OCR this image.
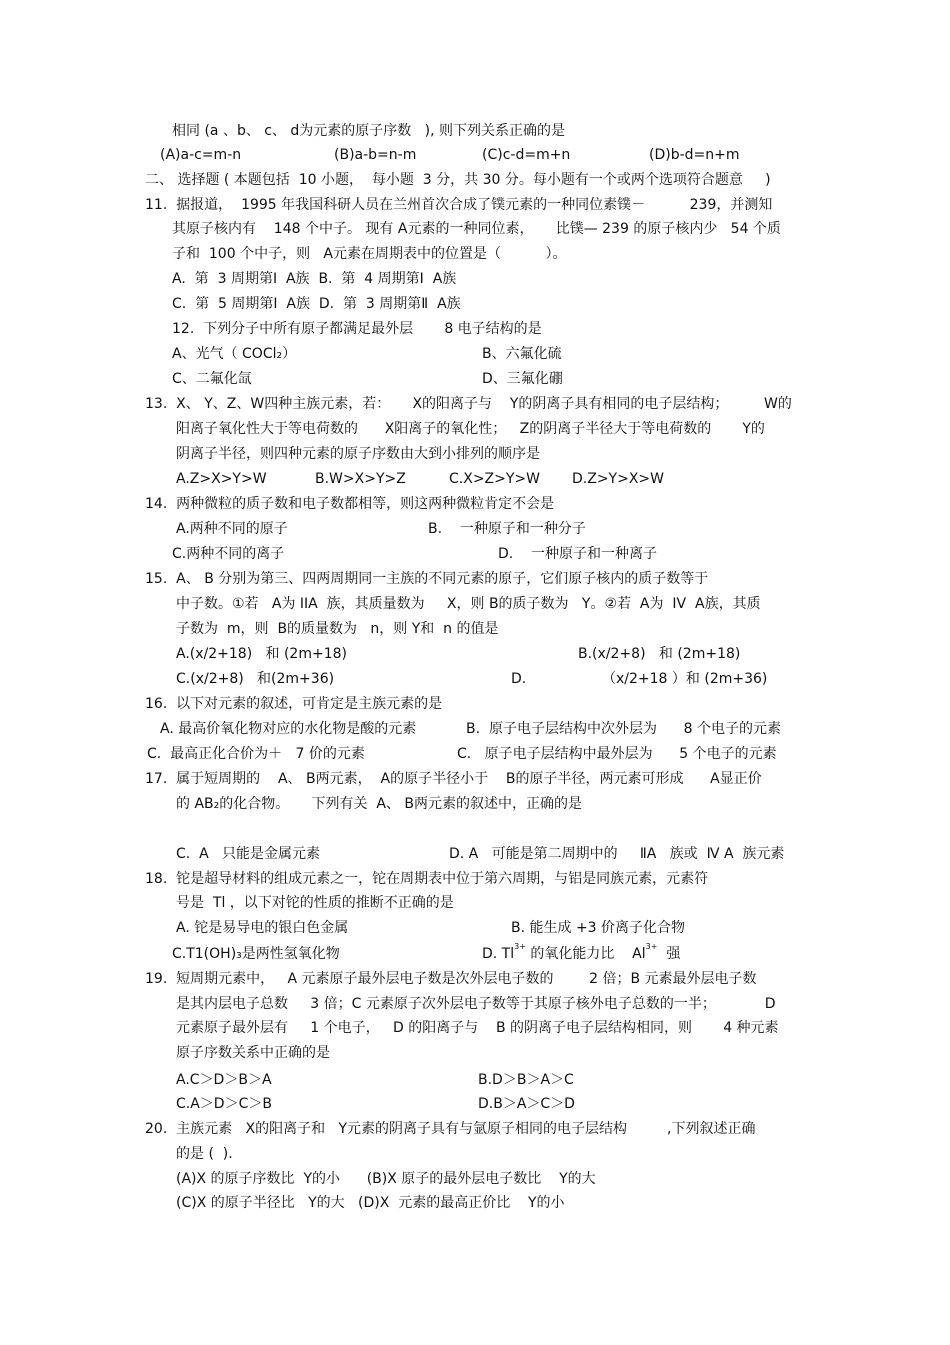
相同 (a 、b、 c、 d为元素的原子序数   ), 则下列关系正确的是
(A)a-c=m-n	(B)a-b=n-m	(C)c-d=m+n	(D)b-d=n+m
二、 选择题 ( 本题包括  10 小题，  每小题  3 分，共 30 分。每小题有一个或两个选项符合题意     )
11.  据报道，  1995 年我国科研人员在兰州首次合成了镤元素的一种同位素镤－          239，并测知
其原子核内有    148 个中子。 现有 A元素的一种同位素，     比镤— 239 的原子核内少   54 个质
子和  100 个中子，则   A元素在周期表中的位置是（          ）。
A.  第  3 周期第Ⅰ  A族  B.  第  4 周期第Ⅰ  A族
C.  第  5 周期第Ⅰ  A族  D.  第  3 周期第Ⅱ  A族
12.  下列分子中所有原子都满足最外层       8 电子结构的是
A、光气（ COCl₂）	B、六氟化硫
C、二氟化氙	D、三氟化硼
13.  X、 Y、Z、W四种主族元素，若：     X的阳离子与    Y的阴离子具有相同的电子层结构；        W的
阳离子氧化性大于等电荷数的      X阳离子的氧化性；   Z的阴离子半径大于等电荷数的       Y的
阴离子半径，则四种元素的原子序数由大到小排列的顺序是
A.Z>X>Y>W	B.W>X>Y>Z	C.X>Z>Y>W D.Z>Y>X>W
14.  两种微粒的质子数和电子数都相等，则这两种微粒肯定不会是
A.两种不同的原子	B.    一种原子和一种分子
C.两种不同的离子	D.    一种原子和一种离子
15.  A、 B 分别为第三、四两周期同一主族的不同元素的原子，它们原子核内的质子数等于
中子数。①若   A为 IIA  族，其质量数为     X，则 B的质子数为   Y。②若  A为  IV  A族，其质
子数为  m，则  B的质量数为   n，则 Y和  n 的值是
A.(x/2+18)   和 (2m+18)	B.(x/2+8)   和 (2m+18)
C.(x/2+8)   和(2m+36)	D.	（x/2+18 ）和 (2m+36)
16.  以下对元素的叙述，可肯定是主族元素的是
A. 最高价氧化物对应的水化物是酸的元素	B.  原子电子层结构中次外层为      8 个电子的元素
C.  最高正化合价为＋   7 价的元素	C.   原子电子层结构中最外层为      5 个电子的元素
17.  属于短周期的    A、 B两元素，  A的原子半径小于    B的原子半径，两元素可形成      A显正价
的 AB₂的化合物。     下列有关  A、 B两元素的叙述中，正确的是
C.  A   只能是金属元素	D. A   可能是第二周期中的     ⅡA   族或  Ⅳ A  族元素
18.  铊是超导材料的组成元素之一，铊在周期表中位于第六周期，与铝是同族元素，元素符
号是  Tl ，以下对铊的性质的推断不正确的是
A. 铊是易导电的银白色金属	B. 能生成 +3 价离子化合物
C.T1(OH)₃是两性氢氧化物	D. $Tl^{3+}$ 的氧化能力比    $Al^{3+}$  强
19.  短周期元素中，   A 元素原子最外层电子数是次外层电子数的        2 倍；B 元素最外层电子数
是其内层电子总数     3 倍；C 元素原子次外层电子数等于其原子核外电子总数的一半；           D
元素原子最外层有     1 个电子，   D 的阳离子与    B 的阴离子电子层结构相同，则       4 种元素
原子序数关系中正确的是
A.C＞D＞B＞A	B.D＞B＞A＞C
C.A＞D＞C＞B	D.B＞A＞C＞D
20.  主族元素   X的阳离子和   Y元素的阴离子具有与氩原子相同的电子层结构         ,下列叙述正确
的是 (  ).
(A)X 的原子序数比  Y的小      (B)X 原子的最外层电子数比    Y的大
(C)X 的原子半径比   Y的大   (D)X  元素的最高正价比    Y的小
